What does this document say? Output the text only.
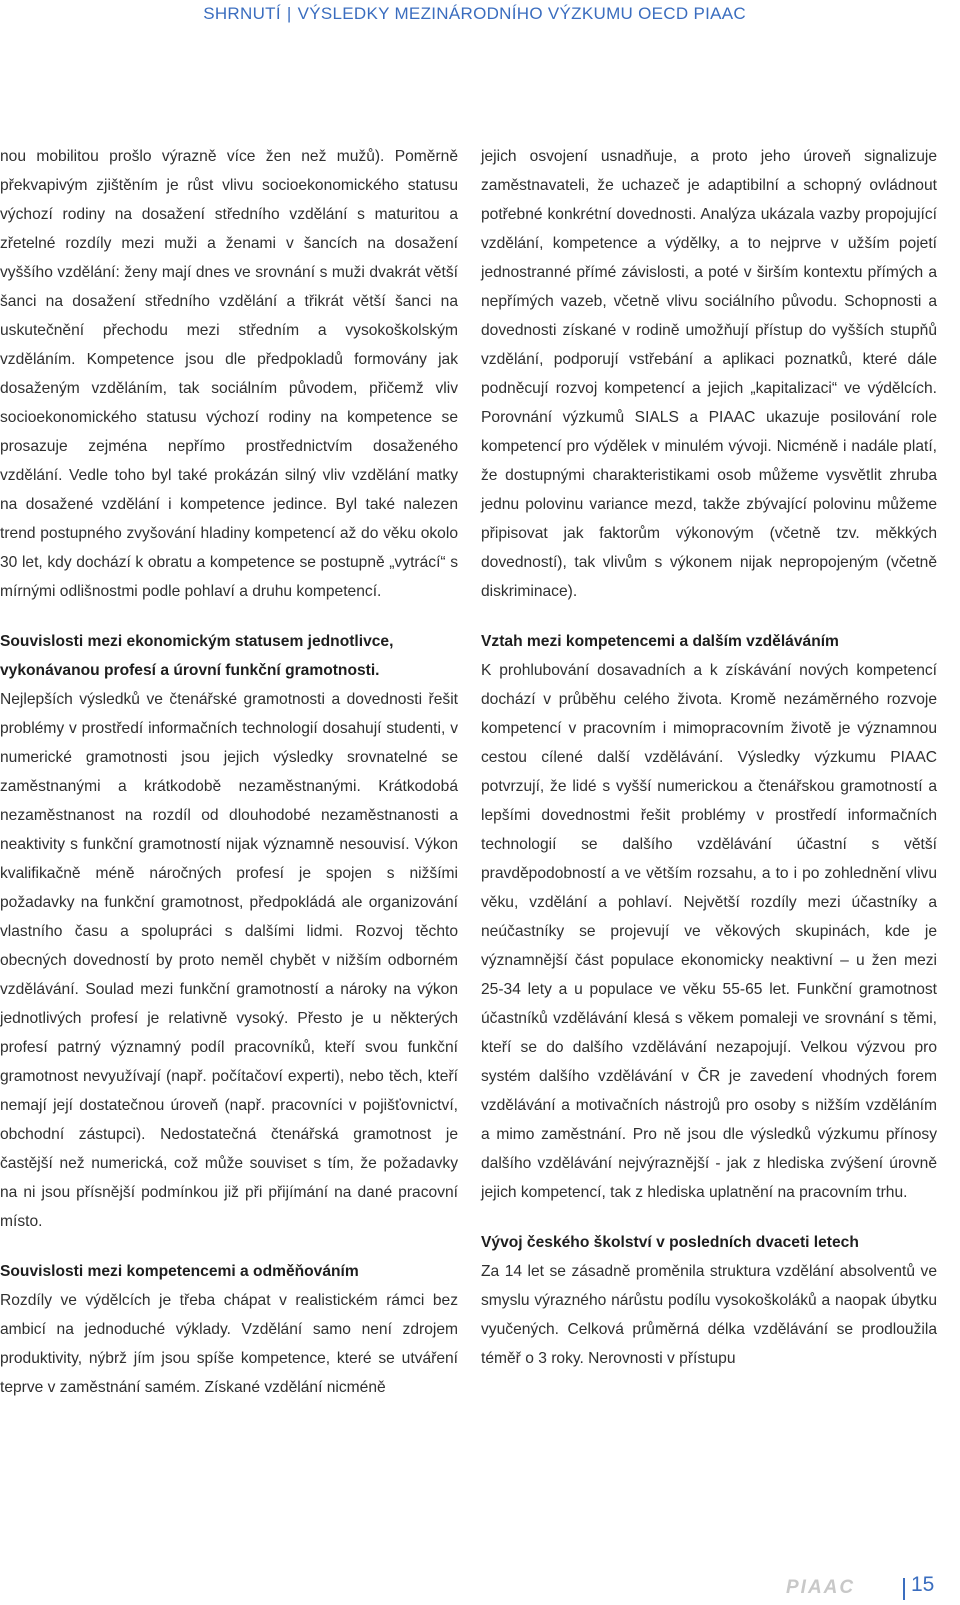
SHRNUTÍ | VÝSLEDKY MEZINÁRODNÍHO VÝZKUMU OECD PIAAC

nou mobilitou prošlo výrazně více žen než mužů). Poměrně překvapivým zjištěním je růst vlivu socioekonomického statusu výchozí rodiny na dosažení středního vzdělání s maturitou a zřetelné rozdíly mezi muži a ženami v šancích na dosažení vyššího vzdělání: ženy mají dnes ve srovnání s muži dvakrát větší šanci na dosažení středního vzdělání a třikrát větší šanci na uskutečnění přechodu mezi středním a vysokoškolským vzděláním. Kompetence jsou dle předpokladů formovány jak dosaženým vzděláním, tak sociálním původem, přičemž vliv socioekonomického statusu výchozí rodiny na kompetence se prosazuje zejména nepřímo prostřednictvím dosaženého vzdělání. Vedle toho byl také prokázán silný vliv vzdělání matky na dosažené vzdělání i kompetence jedince. Byl také nalezen trend postupného zvyšování hladiny kompetencí až do věku okolo 30 let, kdy dochází k obratu a kompetence se postupně „vytrácí“ s mírnými odlišnostmi podle pohlaví a druhu kompetencí.

Souvislosti mezi ekonomickým statusem jednotlivce, vykonávanou profesí a úrovní funkční gramotnosti.

Nejlepších výsledků ve čtenářské gramotnosti a dovednosti řešit problémy v prostředí informačních technologií dosahují studenti, v numerické gramotnosti jsou jejich výsledky srovnatelné se zaměstnanými a krátkodobě nezaměstnanými. Krátkodobá nezaměstnanost na rozdíl od dlouhodobé nezaměstnanosti a neaktivity s funkční gramotností nijak významně nesouvisí. Výkon kvalifikačně méně náročných profesí je spojen s nižšími požadavky na funkční gramotnost, předpokládá ale organizování vlastního času a spolupráci s dalšími lidmi. Rozvoj těchto obecných dovedností by proto neměl chybět v nižším odborném vzdělávání. Soulad mezi funkční gramotností a nároky na výkon jednotlivých profesí je relativně vysoký. Přesto je u některých profesí patrný významný podíl pracovníků, kteří svou funkční gramotnost nevyužívají (např. počítačoví experti), nebo těch, kteří nemají její dostatečnou úroveň (např. pracovníci v pojišťovnictví, obchodní zástupci). Nedostatečná čtenářská gramotnost je častější než numerická, což může souviset s tím, že požadavky na ni jsou přísnější podmínkou již při přijímání na dané pracovní místo.

Souvislosti mezi kompetencemi a odměňováním

Rozdíly ve výdělcích je třeba chápat v realistickém rámci bez ambicí na jednoduché výklady. Vzdělání samo není zdrojem produktivity, nýbrž jím jsou spíše kompetence, které se utváření teprve v zaměstnání samém. Získané vzdělání nicméně

jejich osvojení usnadňuje, a proto jeho úroveň signalizuje zaměstnavateli, že uchazeč je adaptibilní a schopný ovládnout potřebné konkrétní dovednosti. Analýza ukázala vazby propojující vzdělání, kompetence a výdělky, a to nejprve v užším pojetí jednostranné přímé závislosti, a poté v širším kontextu přímých a nepřímých vazeb, včetně vlivu sociálního původu. Schopnosti a dovednosti získané v rodině umožňují přístup do vyšších stupňů vzdělání, podporují vstřebání a aplikaci poznatků, které dále podněcují rozvoj kompetencí a jejich „kapitalizaci“ ve výdělcích. Porovnání výzkumů SIALS a PIAAC ukazuje posilování role kompetencí pro výdělek v minulém vývoji. Nicméně i nadále platí, že dostupnými charakteristikami osob můžeme vysvětlit zhruba jednu polovinu variance mezd, takže zbývající polovinu můžeme připisovat jak faktorům výkonovým (včetně tzv. měkkých dovedností), tak vlivům s výkonem nijak nepropojeným (včetně diskriminace).

Vztah mezi kompetencemi a dalším vzděláváním

K prohlubování dosavadních a k získávání nových kompetencí dochází v průběhu celého života. Kromě nezáměrného rozvoje kompetencí v pracovním i mimopracovním životě je významnou cestou cílené další vzdělávání. Výsledky výzkumu PIAAC potvrzují, že lidé s vyšší numerickou a čtenářskou gramotností a lepšími dovednostmi řešit problémy v prostředí informačních technologií se dalšího vzdělávání účastní s větší pravděpodobností a ve větším rozsahu, a to i po zohlednění vlivu věku, vzdělání a pohlaví. Největší rozdíly mezi účastníky a neúčastníky se projevují ve věkových skupinách, kde je významnější část populace ekonomicky neaktivní – u žen mezi 25-34 lety a u populace ve věku 55-65 let. Funkční gramotnost účastníků vzdělávání klesá s věkem pomaleji ve srovnání s těmi, kteří se do dalšího vzdělávání nezapojují. Velkou výzvou pro systém dalšího vzdělávání v ČR je zavedení vhodných forem vzdělávání a motivačních nástrojů pro osoby s nižším vzděláním a mimo zaměstnání. Pro ně jsou dle výsledků výzkumu přínosy dalšího vzdělávání nejvýraznější - jak z hlediska zvýšení úrovně jejich kompetencí, tak z hlediska uplatnění na pracovním trhu.

Vývoj českého školství v posledních dvaceti letech

Za 14 let se zásadně proměnila struktura vzdělání absolventů ve smyslu výrazného nárůstu podílu vysokoškoláků a naopak úbytku vyučených. Celková průměrná délka vzdělávání se prodloužila téměř o 3 roky. Nerovnosti v přístupu

PIAAC	15
